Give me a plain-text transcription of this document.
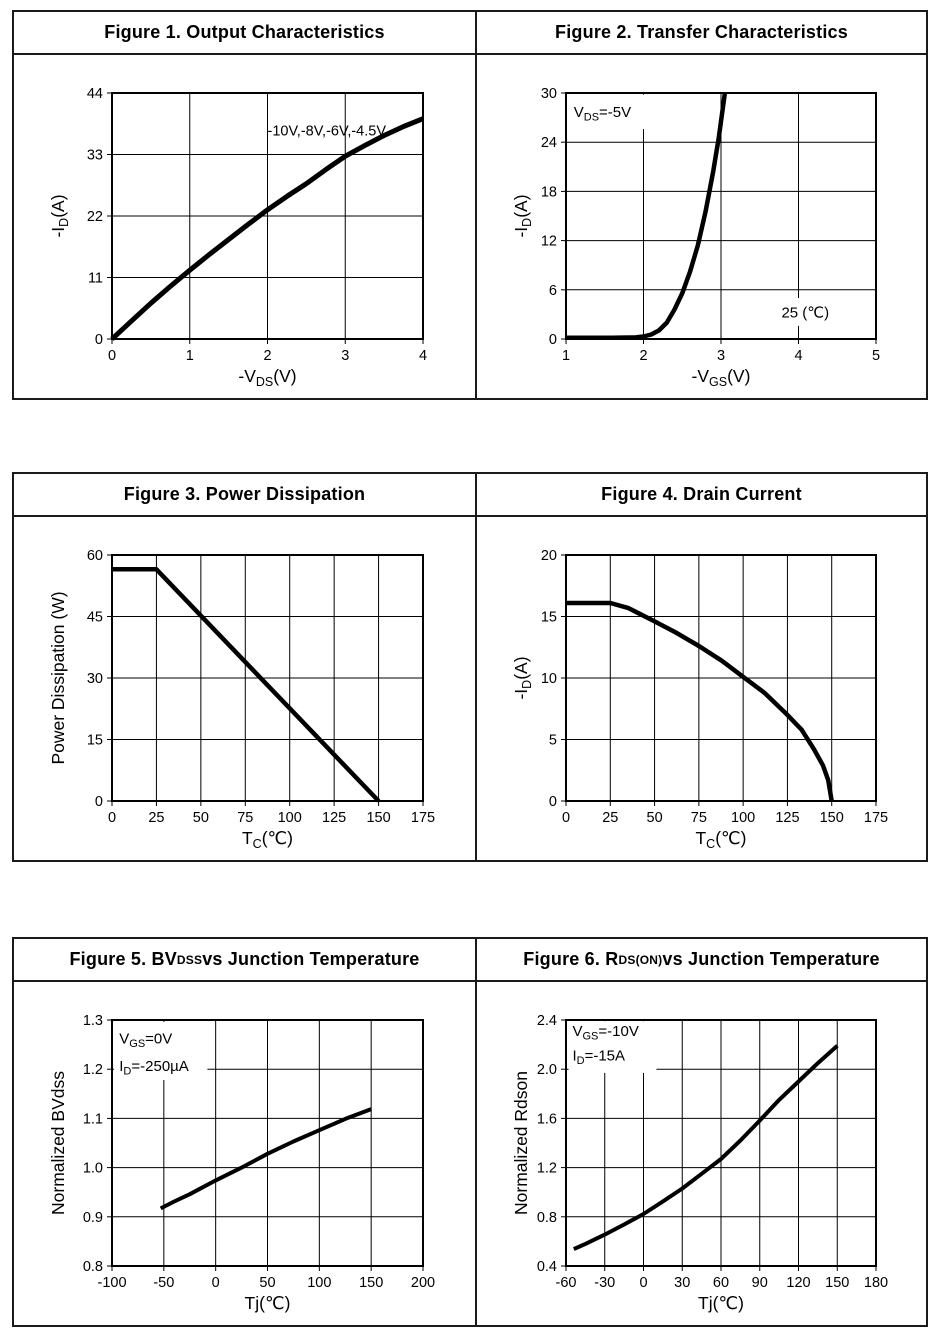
Figure 1. Output Characteristics	Figure 2. Transfer Characteristics
0	1	2	3	4
0
11
22
33
44
-10V,-8V,-6V,-4.5V
$-V_{DS}(V)$
$-I_D(A)$
1	2	3	4	5
0
6
12
18
24
30
$V_{DS}=-5V$
25 (℃)
$-V_{GS}(V)$
$-I_D(A)$
Figure 3. Power Dissipation	Figure 4. Drain Current
0 25 50 75 100 125 150 175
0
15
30
45
60
$T_C(℃)$
Power Dissipation (W)
0 25 50 75 100 125 150 175
0
5
10
15
20
$T_C(℃)$
$-I_D(A)$
Figure 5. BV DSS vs Junction Temperature	Figure 6. R DS(ON) vs Junction Temperature
-100 -50	0	50 100 150 200
0.8
0.9
1.0
1.1
1.2
1.3
$V_{GS}=0V$
$I_D=-250\mu A$
Tj(℃)
Normalized BVdss
-60 -30 0 30 60 90 120 150 180
0.4
0.8
1.2
1.6
2.0
2.4
$V_{GS}=-10V$
$I_D=-15A$
Tj(℃)
Normalized Rdson
